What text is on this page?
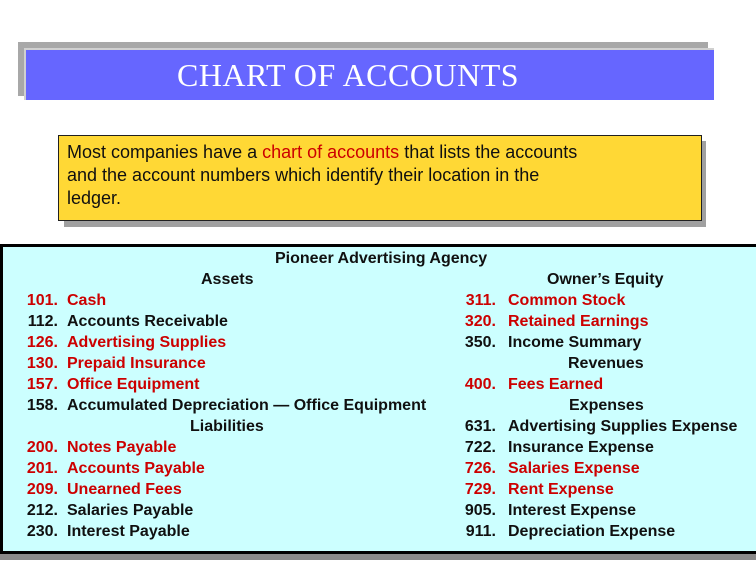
CHART OF ACCOUNTS
Most companies have a chart of accounts that lists the accounts
and the account numbers which identify their location in the
ledger.
Pioneer Advertising Agency
Assets
Liabilities
Owner’s Equity
Revenues
Expenses
101. Cash
112. Accounts Receivable
126. Advertising Supplies
130. Prepaid Insurance
157. Office Equipment
158. Accumulated Depreciation — Office Equipment
200. Notes Payable
201. Accounts Payable
209. Unearned Fees
212. Salaries Payable
230. Interest Payable
311. Common Stock
320. Retained Earnings
350. Income Summary
400. Fees Earned
631. Advertising Supplies Expense
722. Insurance Expense
726. Salaries Expense
729. Rent Expense
905. Interest Expense
911. Depreciation Expense
